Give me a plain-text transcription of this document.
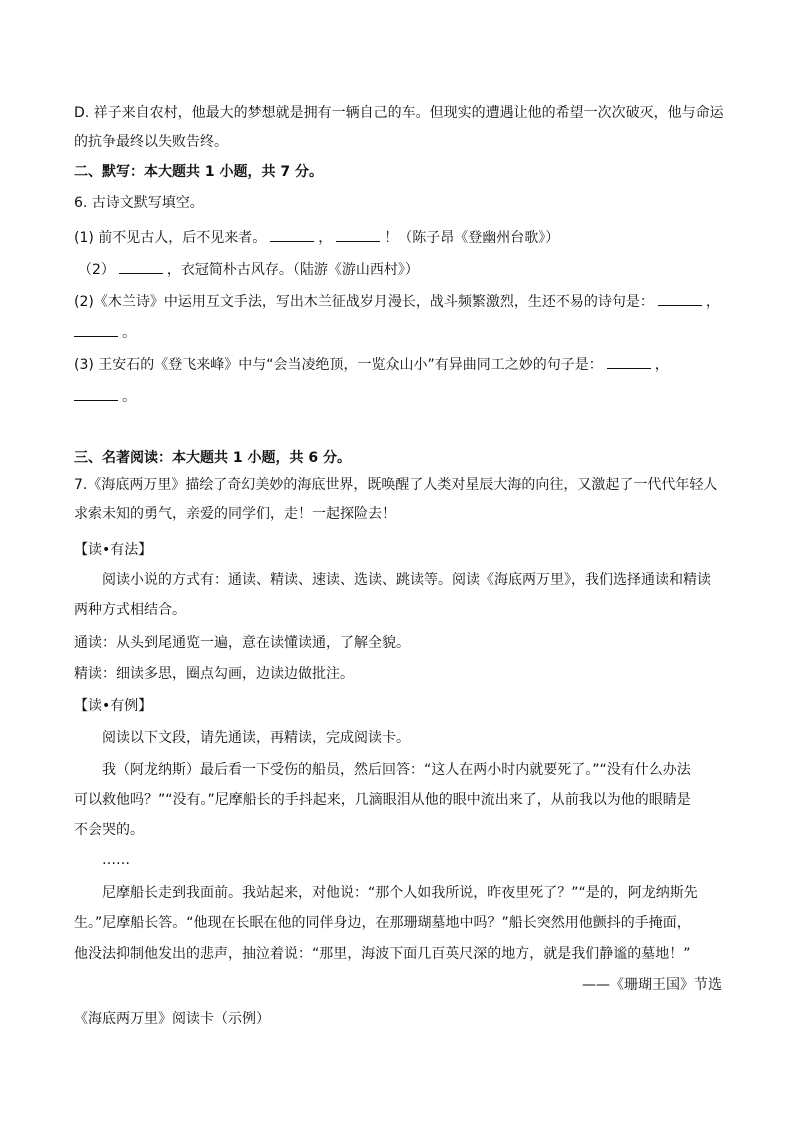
D. 祥子来自农村，他最大的梦想就是拥有一辆自己的车。但现实的遭遇让他的希望一次次破灭，他与命运
的抗争最终以失败告终。
二、默写：本大题共 1 小题，共 7 分。
6. 古诗文默写填空。
(1) 前不见古人，后不见来者。	，	！（陈子昂《登幽州台歌》）
（2）	，衣冠简朴古风存。（陆游《游山西村》）
(2)《木兰诗》中运用互文手法，写出木兰征战岁月漫长，战斗频繁激烈，生还不易的诗句是：	，
。
(3) 王安石的《登飞来峰》中与“会当凌绝顶，一览众山小”有异曲同工之妙的句子是：	，
。
三、名著阅读：本大题共 1 小题，共 6 分。
7.《海底两万里》描绘了奇幻美妙的海底世界，既唤醒了人类对星辰大海的向往，又激起了一代代年轻人
求索未知的勇气，亲爱的同学们，走！一起探险去！
【读•有法】
阅读小说的方式有：通读、精读、速读、选读、跳读等。阅读《海底两万里》，我们选择通读和精读
两种方式相结合。
通读：从头到尾通览一遍，意在读懂读通，了解全貌。
精读：细读多思，圈点勾画，边读边做批注。
【读•有例】
阅读以下文段，请先通读，再精读，完成阅读卡。
我（阿龙纳斯）最后看一下受伤的船员，然后回答：“这人在两小时内就要死了。”“没有什么办法
可以救他吗？”“没有。”尼摩船长的手抖起来，几滴眼泪从他的眼中流出来了，从前我以为他的眼睛是
不会哭的。
……
尼摩船长走到我面前。我站起来，对他说：“那个人如我所说，昨夜里死了？”“是的，阿龙纳斯先
生。”尼摩船长答。“他现在长眠在他的同伴身边，在那珊瑚墓地中吗？”船长突然用他颤抖的手掩面，
他没法抑制他发出的悲声，抽泣着说：“那里，海波下面几百英尺深的地方，就是我们静谧的墓地！”
——《珊瑚王国》节选
《海底两万里》阅读卡（示例）
